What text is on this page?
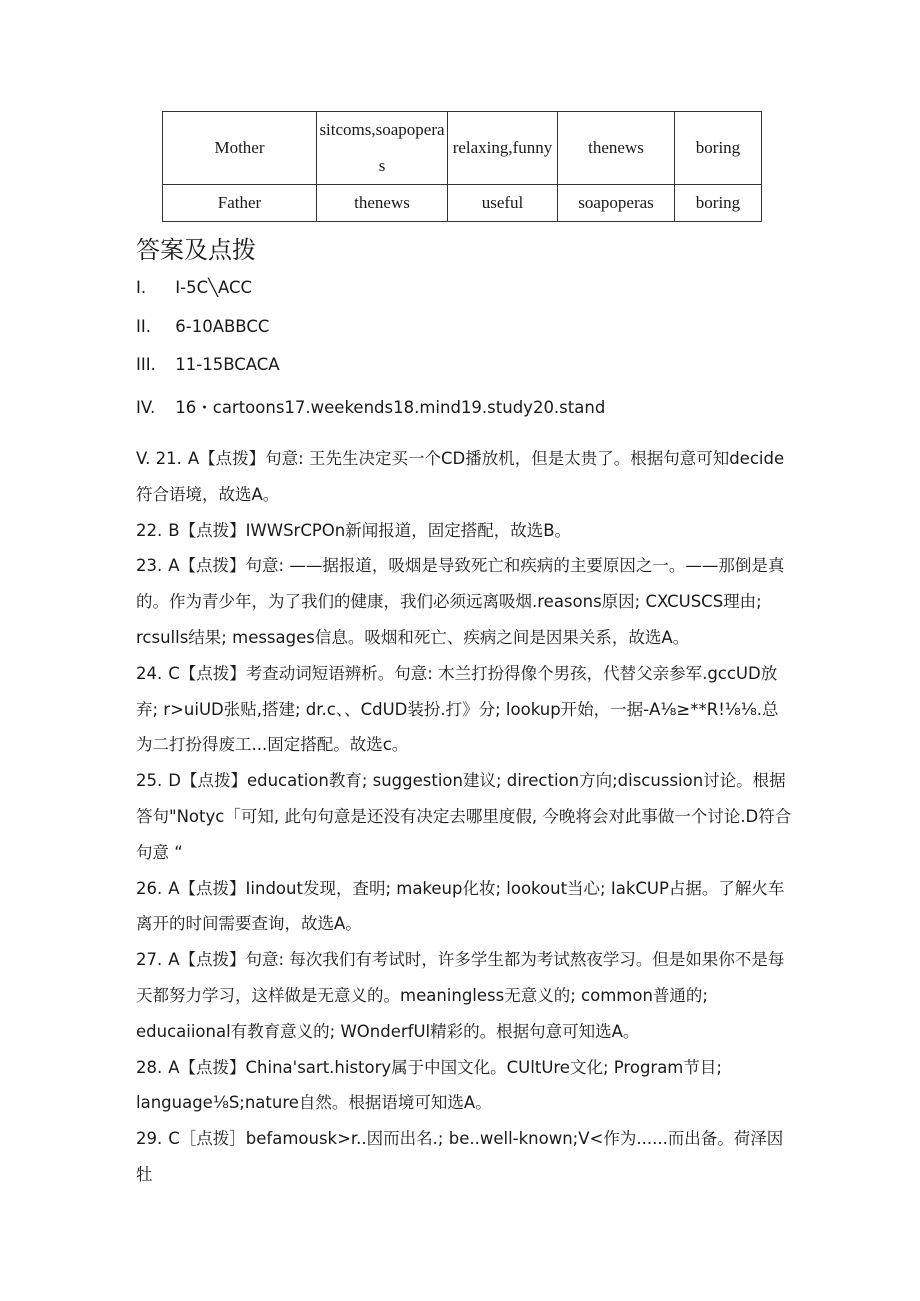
Mother	sitcoms,soapoperas	relaxing,funny	thenews	boring
Father	thenews	useful	soapoperas	boring
答案及点拨
I. I-5C╲ACC
II. 6-10ABBCC
III. 11-15BCACA
IV. 16・cartoons17.weekends18.mind19.study20.stand

V. 21. A【点拨】句意: 王先生决定买一个CD播放机，但是太贵了。根据句意可知decide符合语境，故选A。

22. B【点拨】IWWSrCPOn新闻报道，固定搭配，故选B。

23. A【点拨】句意: ——据报道，吸烟是导致死亡和疾病的主要原因之一。——那倒是真的。作为青少年，为了我们的健康，我们必须远离吸烟.reasons原因; CXCUSCS理由; rcsulls结果; messages信息。吸烟和死亡、疾病之间是因果关系，故选A。

24. C【点拨】考查动词短语辨析。句意: 木兰打扮得像个男孩，代替父亲参军.gccUD放弃; r>uiUD张贴,搭建; dr.c、、CdUD装扮.打》分; lookup开始，一据-A⅛≥**R!⅛⅛.总为二打扮得废工...固定搭配。故选c。

25. D【点拨】education教育; suggestion建议; direction方向;discussion讨论。根据答句"Notyc「可知, 此句句意是还没有决定去哪里度假, 今晚将会对此事做一个讨论.D符合句意 “

26. A【点拨】Iindout发现，査明; makeup化妆; lookout当心; IakCUP占据。了解火车离开的时间需要查询，故选A。

27. A【点拨】句意: 每次我们有考试时，许多学生都为考试熬夜学习。但是如果你不是每天都努力学习，这样做是无意义的。meaningless无意义的; common普通的; educaiional有教育意义的; WOnderfUl精彩的。根据句意可知选A。

28. A【点拨】China'sart.history属于中国文化。CUltUre文化; Program节目; language⅛S;nature自然。根据语境可知选A。

29. C［点拨］befamousk>r..因而出名.; be..well-known;V<作为......而出备。荷泽因牡
